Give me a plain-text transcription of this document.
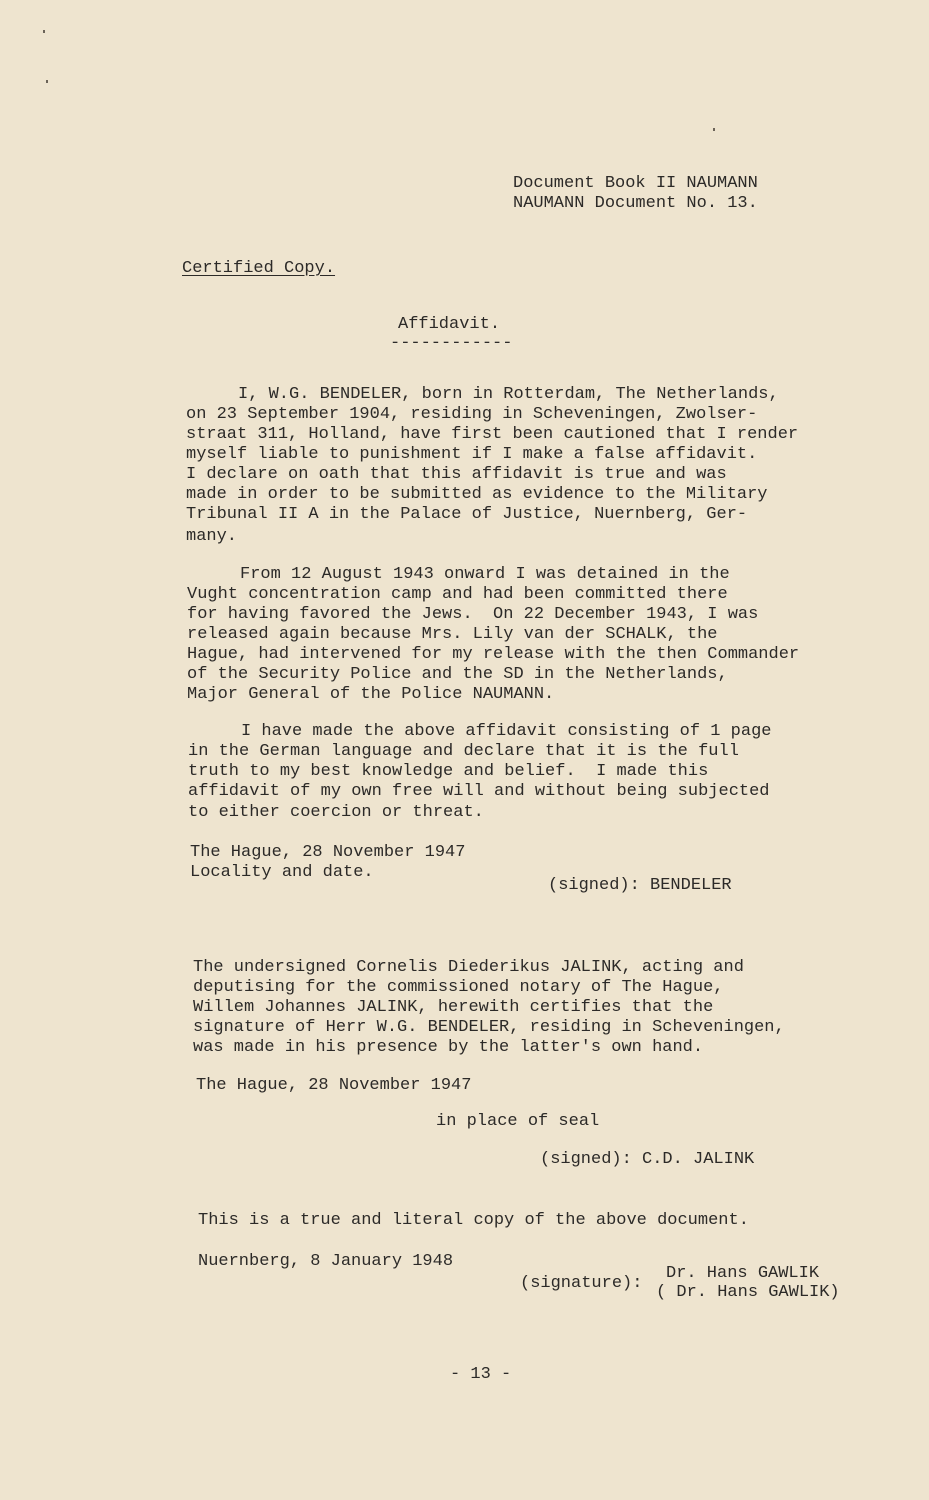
Document Book II NAUMANN
NAUMANN Document No. 13.
Certified Copy.
Affidavit.
------------
I, W.G. BENDELER, born in Rotterdam, The Netherlands,
on 23 September 1904, residing in Scheveningen, Zwolser-
straat 311, Holland, have first been cautioned that I render
myself liable to punishment if I make a false affidavit.
I declare on oath that this affidavit is true and was
made in order to be submitted as evidence to the Military
Tribunal II A in the Palace of Justice, Nuernberg, Ger-
many.
From 12 August 1943 onward I was detained in the
Vught concentration camp and had been committed there
for having favored the Jews.  On 22 December 1943, I was
released again because Mrs. Lily van der SCHALK, the
Hague, had intervened for my release with the then Commander
of the Security Police and the SD in the Netherlands,
Major General of the Police NAUMANN.
I have made the above affidavit consisting of 1 page
in the German language and declare that it is the full
truth to my best knowledge and belief.  I made this
affidavit of my own free will and without being subjected
to either coercion or threat.
The Hague, 28 November 1947
Locality and date.
(signed): BENDELER
The undersigned Cornelis Diederikus JALINK, acting and
deputising for the commissioned notary of The Hague,
Willem Johannes JALINK, herewith certifies that the
signature of Herr W.G. BENDELER, residing in Scheveningen,
was made in his presence by the latter's own hand.
The Hague, 28 November 1947
in place of seal
(signed): C.D. JALINK
This is a true and literal copy of the above document.
Nuernberg, 8 January 1948
(signature):
Dr. Hans GAWLIK
( Dr. Hans GAWLIK)
- 13 -
